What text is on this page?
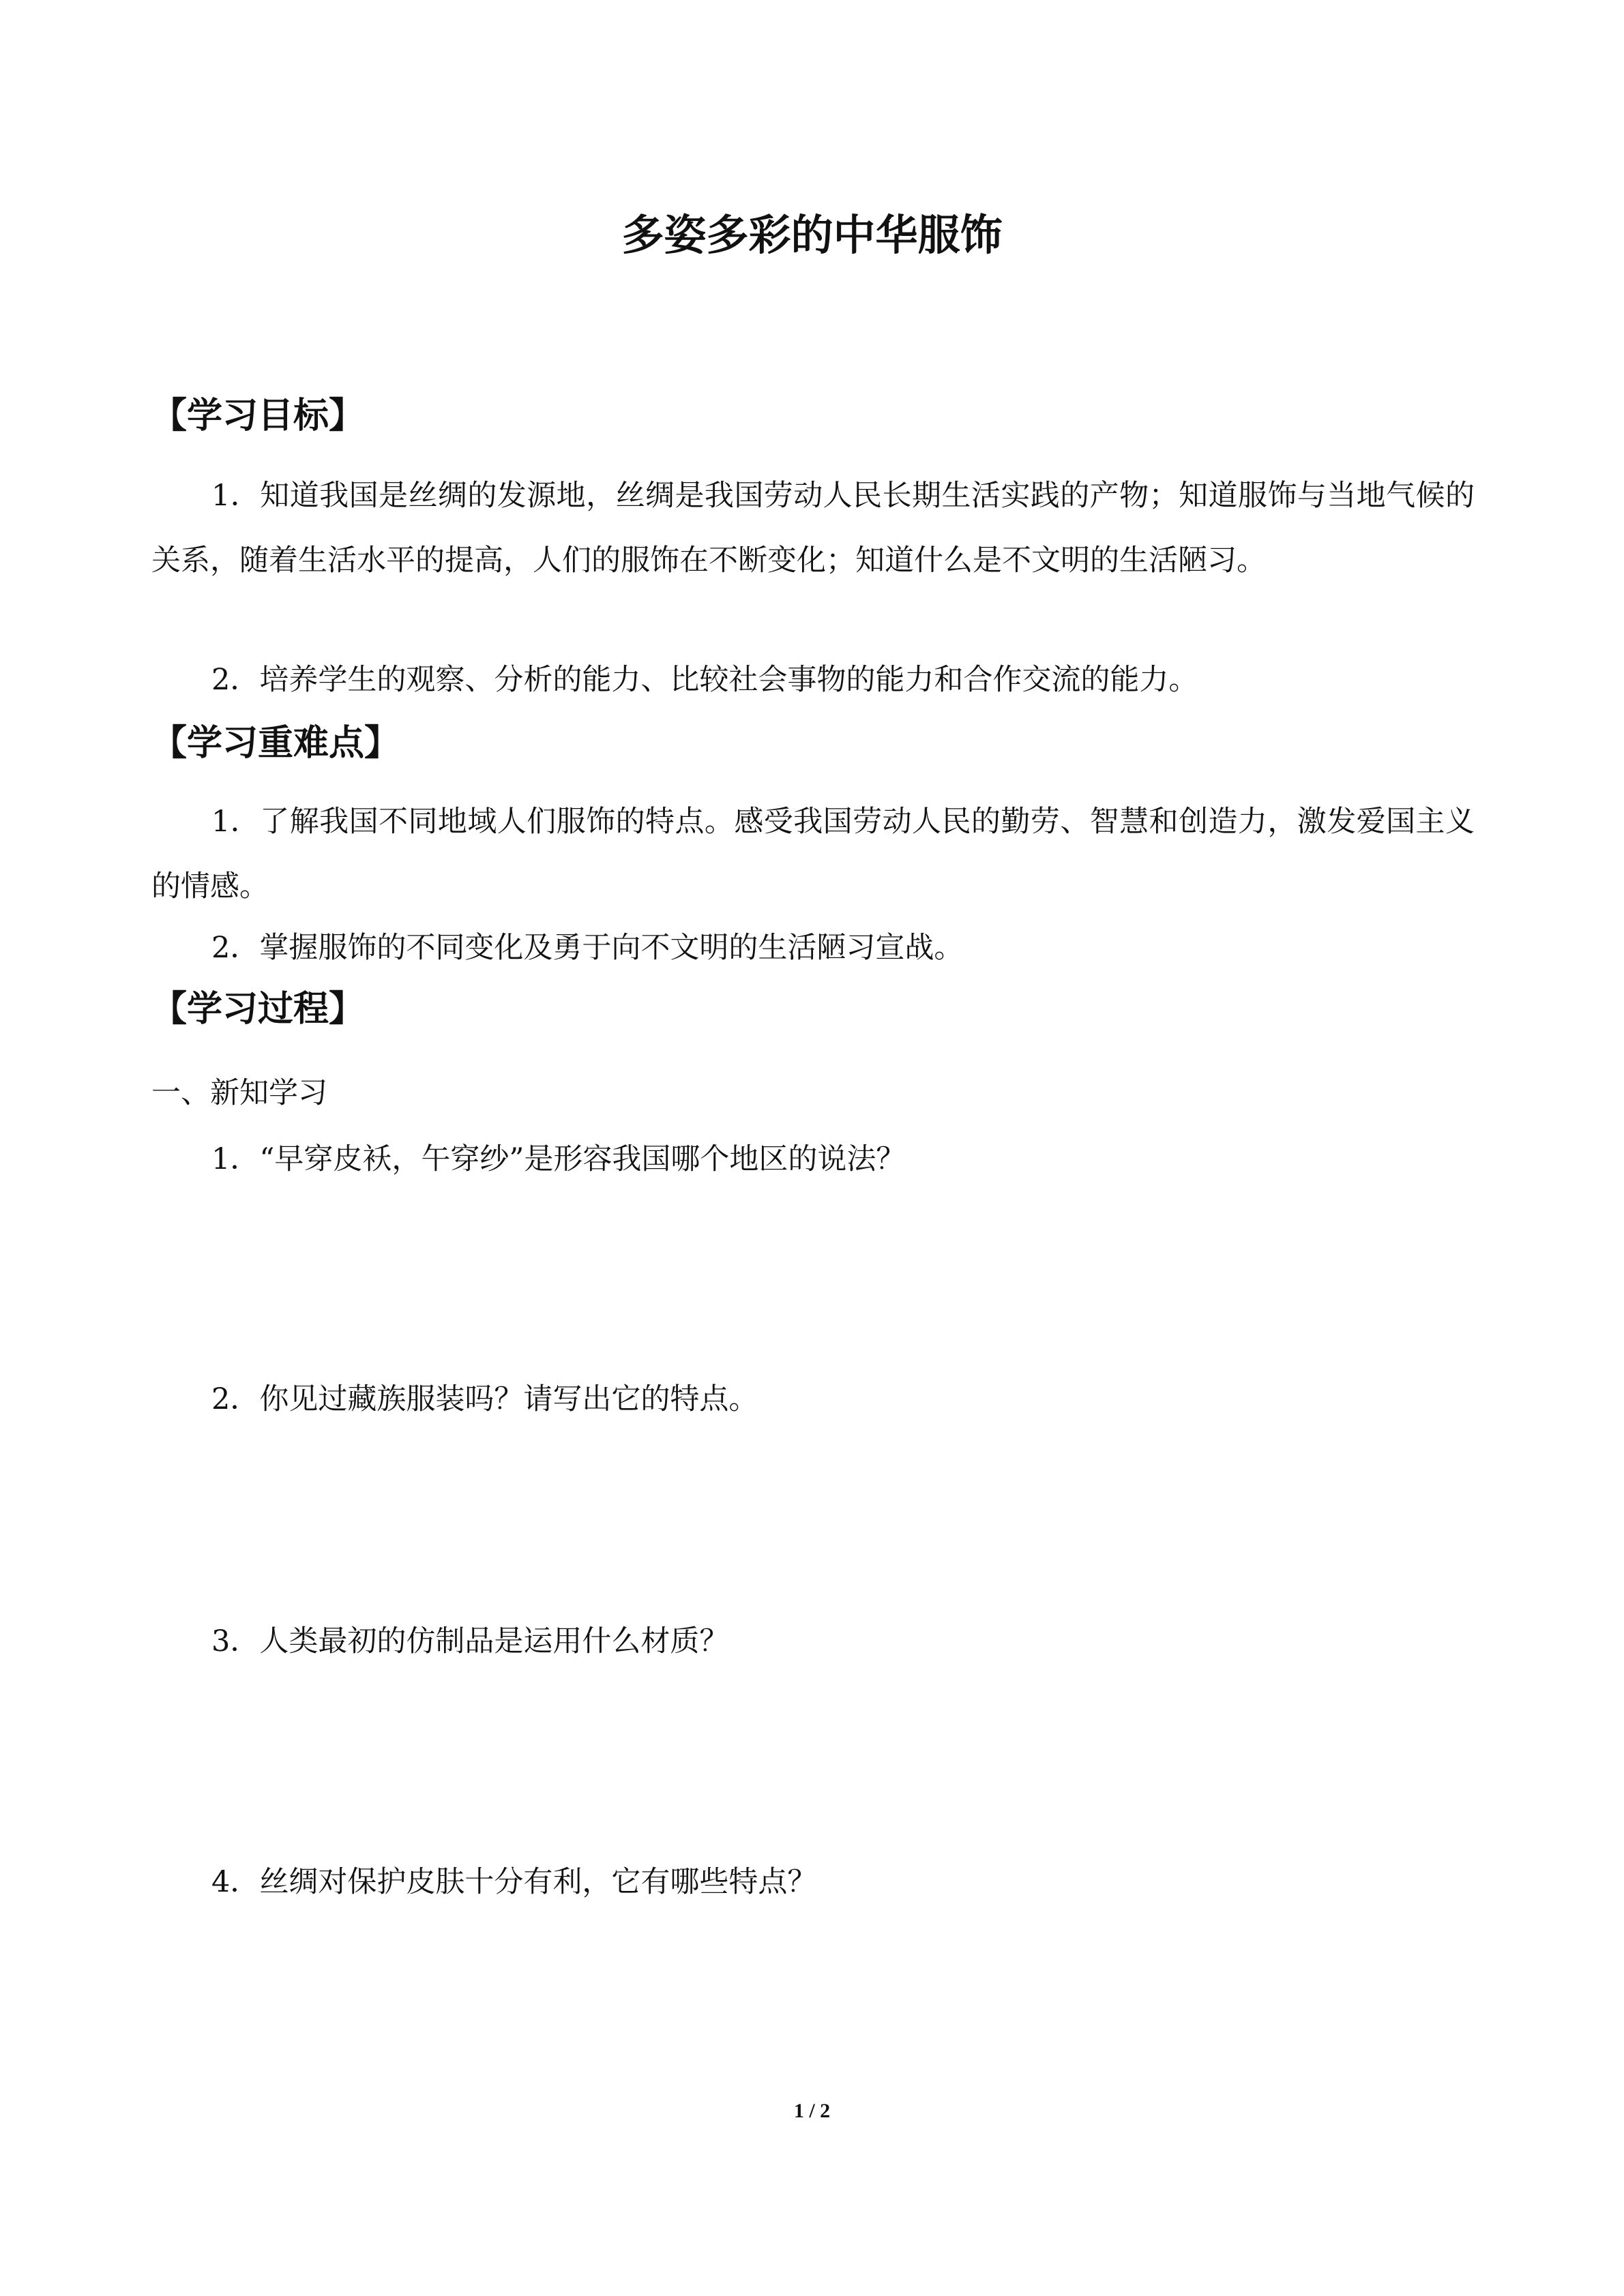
多姿多彩的中华服饰
【学习目标】

1．知道我国是丝绸的发源地，丝绸是我国劳动人民长期生活实践的产物；知道服饰与当地气候的关系，随着生活水平的提高，人们的服饰在不断变化；知道什么是不文明的生活陋习。

2．培养学生的观察、分析的能力、比较社会事物的能力和合作交流的能力。

【学习重难点】

1．了解我国不同地域人们服饰的特点。感受我国劳动人民的勤劳、智慧和创造力，激发爱国主义的情感。

2．掌握服饰的不同变化及勇于向不文明的生活陋习宣战。

【学习过程】

一、新知学习

1．“早穿皮袄，午穿纱”是形容我国哪个地区的说法？

2．你见过藏族服装吗？请写出它的特点。

3．人类最初的仿制品是运用什么材质？

4．丝绸对保护皮肤十分有利，它有哪些特点？

1 / 2
